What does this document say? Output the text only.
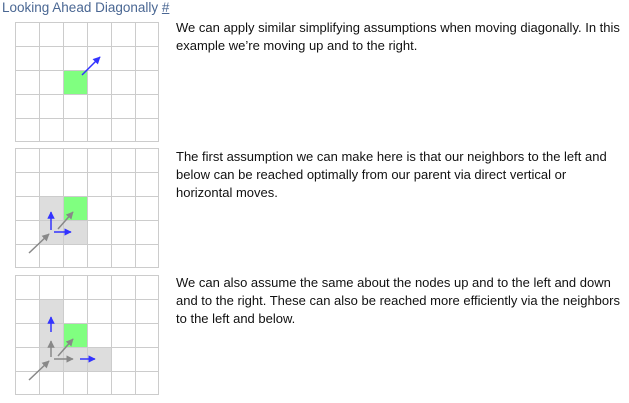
Looking Ahead Diagonally #

We can apply similar simplifying assumptions when moving diagonally. In this example we’re moving up and to the right.

The first assumption we can make here is that our neighbors to the left and below can be reached optimally from our parent via direct vertical or horizontal moves.

We can also assume the same about the nodes up and to the left and down and to the right. These can also be reached more efficiently via the neighbors to the left and below.
